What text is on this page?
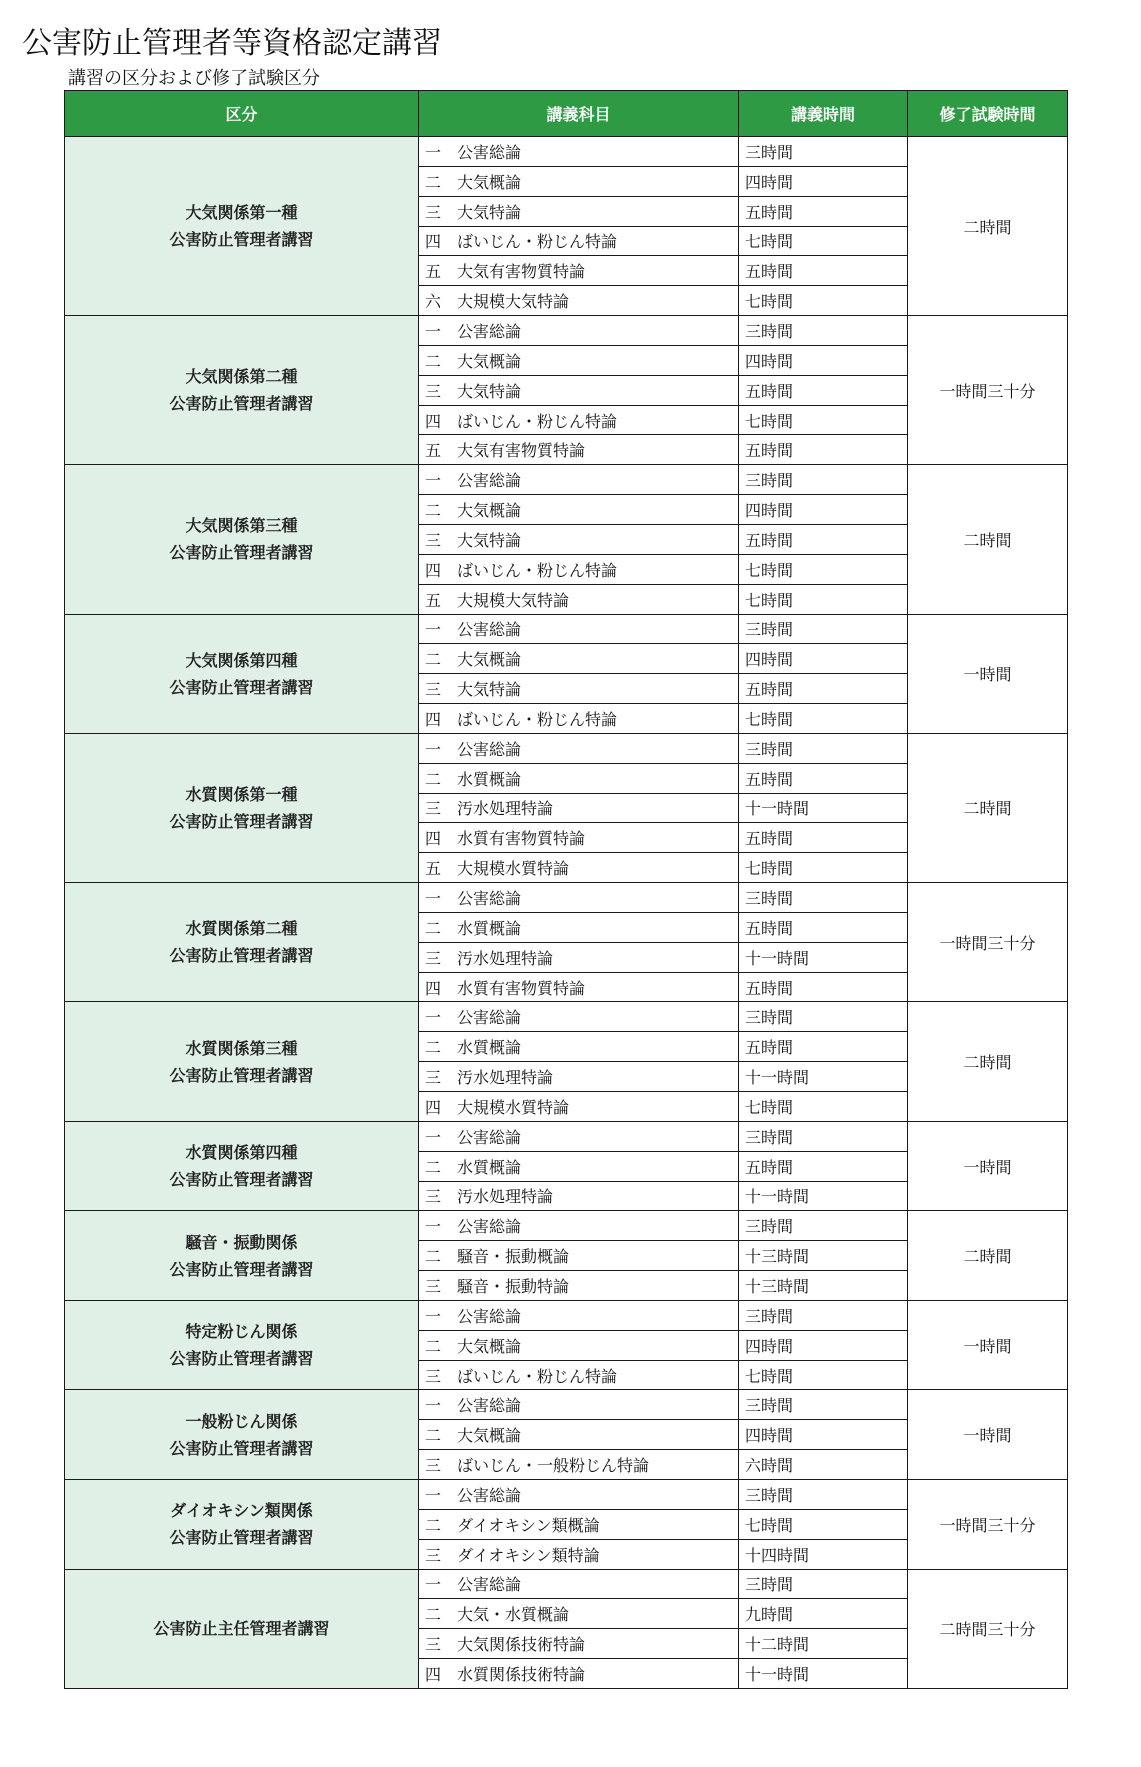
公害防止管理者等資格認定講習
講習の区分および修了試験区分
区分	講義科目	講義時間	修了試験時間

大気関係第一種
公害防止管理者講習	一 公害総論	三時間	二時間
	二 大気概論	四時間	
	三 大気特論	五時間	
	四 ばいじん・粉じん特論	七時間	
	五 大気有害物質特論	五時間	
	六 大規模大気特論	七時間	

大気関係第二種
公害防止管理者講習	一 公害総論	三時間	一時間三十分
	二 大気概論	四時間	
	三 大気特論	五時間	
	四 ばいじん・粉じん特論	七時間	
	五 大気有害物質特論	五時間	

大気関係第三種
公害防止管理者講習	一 公害総論	三時間	二時間
	二 大気概論	四時間	
	三 大気特論	五時間	
	四 ばいじん・粉じん特論	七時間	
	五 大規模大気特論	七時間	

大気関係第四種
公害防止管理者講習	一 公害総論	三時間	一時間
	二 大気概論	四時間	
	三 大気特論	五時間	
	四 ばいじん・粉じん特論	七時間	

水質関係第一種
公害防止管理者講習	一 公害総論	三時間	二時間
	二 水質概論	五時間	
	三 汚水処理特論	十一時間	
	四 水質有害物質特論	五時間	
	五 大規模水質特論	七時間	

水質関係第二種
公害防止管理者講習	一 公害総論	三時間	一時間三十分
	二 水質概論	五時間	
	三 汚水処理特論	十一時間	
	四 水質有害物質特論	五時間	

水質関係第三種
公害防止管理者講習	一 公害総論	三時間	二時間
	二 水質概論	五時間	
	三 汚水処理特論	十一時間	
	四 大規模水質特論	七時間	

水質関係第四種
公害防止管理者講習	一 公害総論	三時間	一時間
	二 水質概論	五時間	
	三 汚水処理特論	十一時間	

騒音・振動関係
公害防止管理者講習	一 公害総論	三時間	二時間
	二 騒音・振動概論	十三時間	
	三 騒音・振動特論	十三時間	

特定粉じん関係
公害防止管理者講習	一 公害総論	三時間	一時間
	二 大気概論	四時間	
	三 ばいじん・粉じん特論	七時間	

一般粉じん関係
公害防止管理者講習	一 公害総論	三時間	一時間
	二 大気概論	四時間	
	三 ばいじん・一般粉じん特論	六時間	

ダイオキシン類関係
公害防止管理者講習	一 公害総論	三時間	一時間三十分
	二 ダイオキシン類概論	七時間	
	三 ダイオキシン類特論	十四時間	

公害防止主任管理者講習	一 公害総論	三時間	二時間三十分
	二 大気・水質概論	九時間	
	三 大気関係技術特論	十二時間	
	四 水質関係技術特論	十一時間	
